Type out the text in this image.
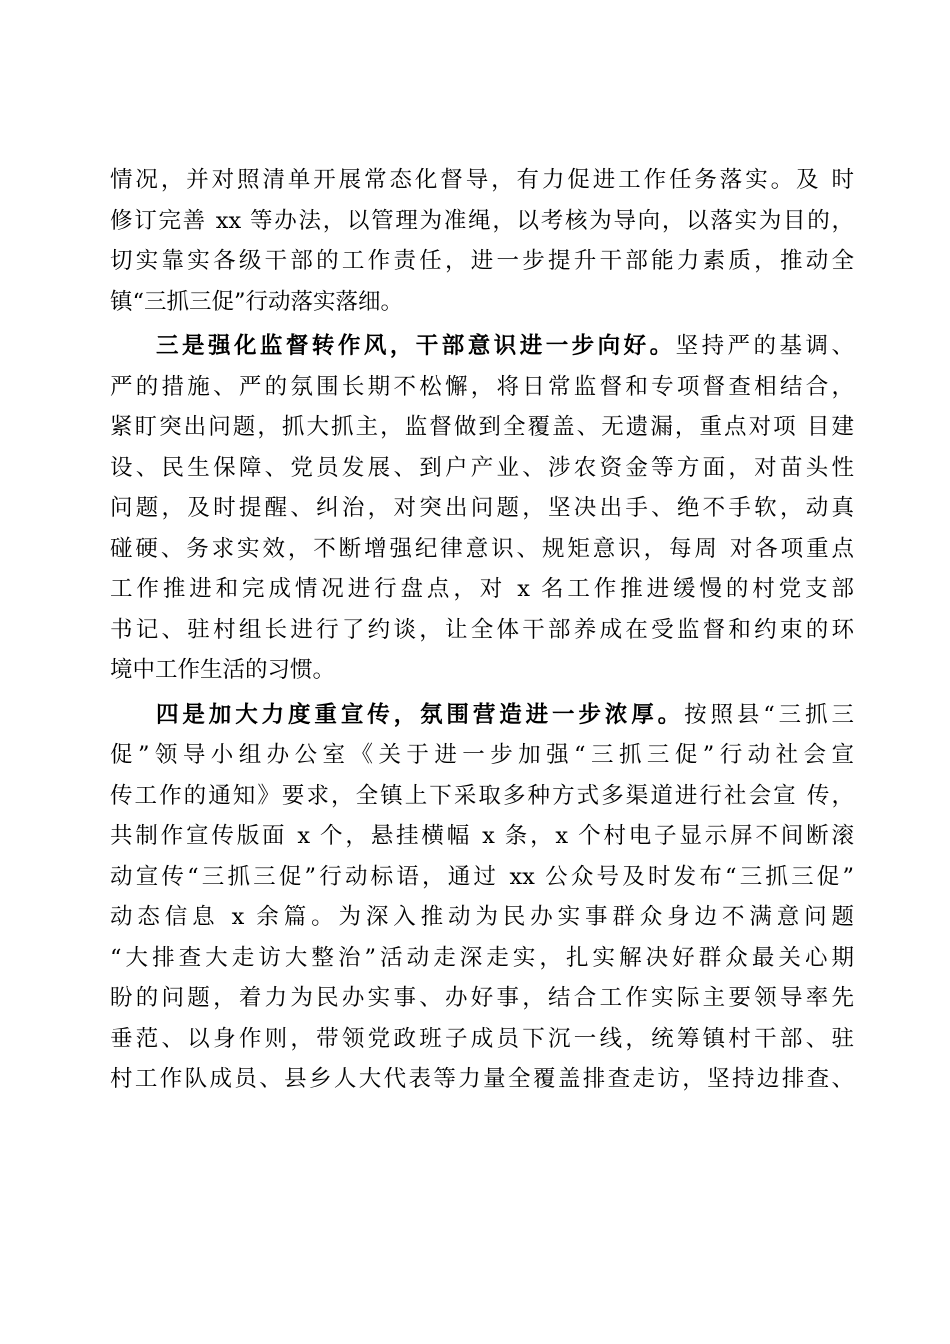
情况，并对照清单开展常态化督导，有力促进工作任务落实。及 时
修订完善 xx 等办法，以管理为准绳，以考核为导向，以落实为目的，
切实靠实各级干部的工作责任，进一步提升干部能力素质，推动全
镇“三抓三促”行动落实落细。
三是强化监督转作风，干部意识进一步向好。坚持严的基调、
严的措施、严的氛围长期不松懈，将日常监督和专项督查相结合，
紧盯突出问题，抓大抓主，监督做到全覆盖、无遗漏，重点对项 目建
设、民生保障、党员发展、到户产业、涉农资金等方面，对苗头性
问题，及时提醒、纠治，对突出问题，坚决出手、绝不手软，动真
碰硬、务求实效，不断增强纪律意识、规矩意识，每周 对各项重点
工作推进和完成情况进行盘点，对 x 名工作推进缓慢的村党支部
书记、驻村组长进行了约谈，让全体干部养成在受监督和约束的环
境中工作生活的习惯。
四是加大力度重宣传，氛围营造进一步浓厚。按照县“三抓三
促”领导小组办公室《关于进一步加强“三抓三促”行动社会宣
传工作的通知》要求，全镇上下采取多种方式多渠道进行社会宣 传，
共制作宣传版面 x 个，悬挂横幅 x 条，x 个村电子显示屏不间断滚
动宣传“三抓三促”行动标语，通过 xx 公众号及时发布“三抓三促”
动态信息 x 余篇。为深入推动为民办实事群众身边不满意问题
“大排查大走访大整治”活动走深走实，扎实解决好群众最关心期
盼的问题，着力为民办实事、办好事，结合工作实际主要领导率先
垂范、以身作则，带领党政班子成员下沉一线，统筹镇村干部、驻
村工作队成员、县乡人大代表等力量全覆盖排查走访，坚持边排查、
